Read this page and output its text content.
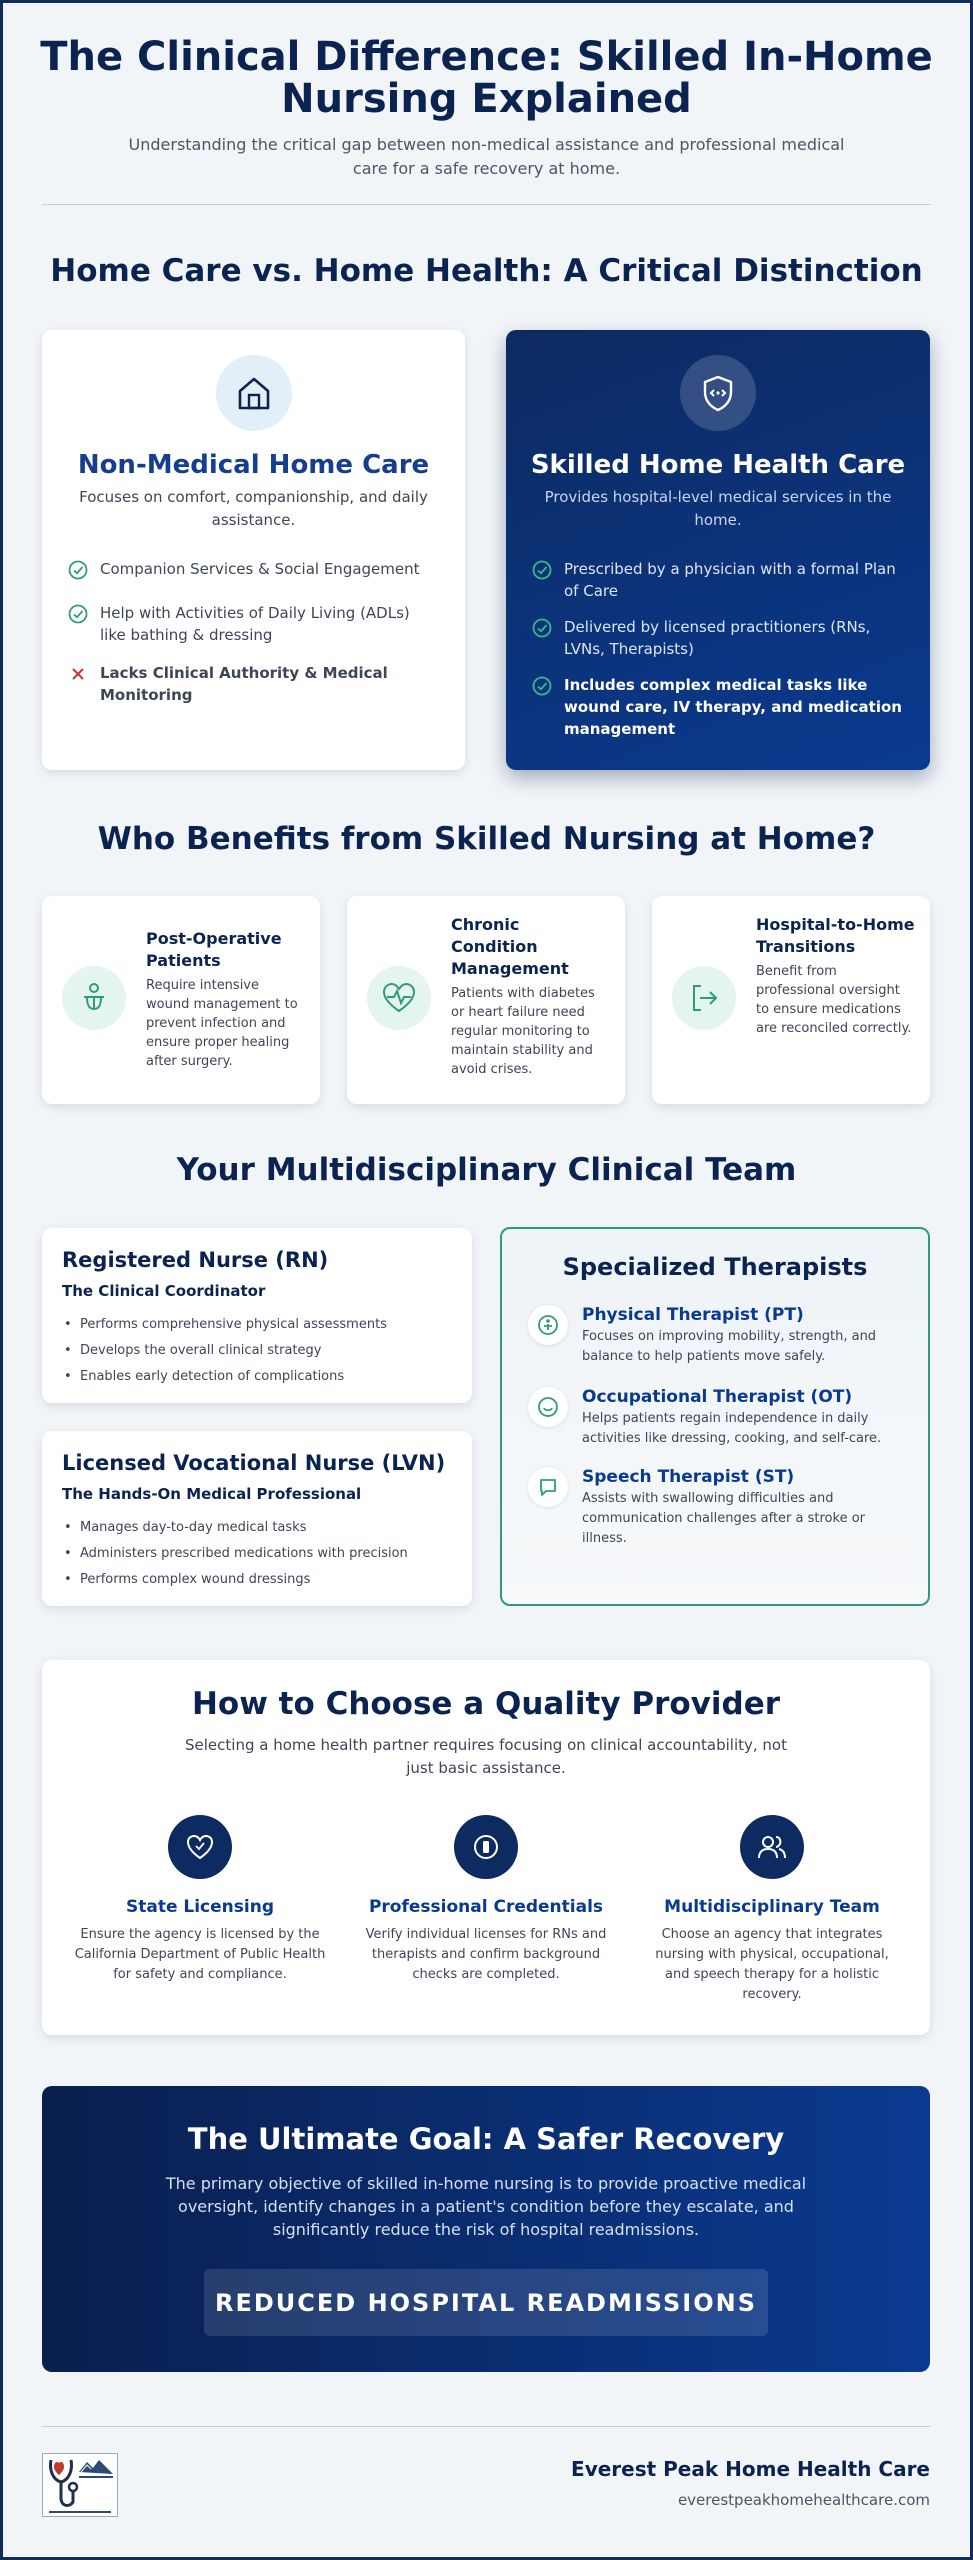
The Clinical Difference: Skilled In-Home Nursing Explained

Understanding the critical gap between non-medical assistance and professional medical care for a safe recovery at home.

Home Care vs. Home Health: A Critical Distinction
Non-Medical Home Care
Focuses on comfort, companionship, and daily assistance.
Companion Services & Social Engagement
Help with Activities of Daily Living (ADLs) like bathing & dressing
Lacks Clinical Authority & Medical Monitoring
Skilled Home Health Care
Provides hospital-level medical services in the home.
Prescribed by a physician with a formal Plan of Care
Delivered by licensed practitioners (RNs, LVNs, Therapists)
Includes complex medical tasks like wound care, IV therapy, and medication management
Who Benefits from Skilled Nursing at Home?
Post-Operative Patients
Require intensive wound management to prevent infection and ensure proper healing after surgery.
Chronic Condition Management
Patients with diabetes or heart failure need regular monitoring to maintain stability and avoid crises.
Hospital-to-Home Transitions
Benefit from professional oversight to ensure medications are reconciled correctly.
Your Multidisciplinary Clinical Team
Registered Nurse (RN)
The Clinical Coordinator
• Performs comprehensive physical assessments
• Develops the overall clinical strategy
• Enables early detection of complications
Licensed Vocational Nurse (LVN)
The Hands-On Medical Professional
• Manages day-to-day medical tasks
• Administers prescribed medications with precision
• Performs complex wound dressings
Specialized Therapists
Physical Therapist (PT)
Focuses on improving mobility, strength, and balance to help patients move safely.
Occupational Therapist (OT)
Helps patients regain independence in daily activities like dressing, cooking, and self-care.
Speech Therapist (ST)
Assists with swallowing difficulties and communication challenges after a stroke or illness.
How to Choose a Quality Provider
Selecting a home health partner requires focusing on clinical accountability, not just basic assistance.
State Licensing
Ensure the agency is licensed by the California Department of Public Health for safety and compliance.
Professional Credentials
Verify individual licenses for RNs and therapists and confirm background checks are completed.
Multidisciplinary Team
Choose an agency that integrates nursing with physical, occupational, and speech therapy for a holistic recovery.
The Ultimate Goal: A Safer Recovery
The primary objective of skilled in-home nursing is to provide proactive medical oversight, identify changes in a patient's condition before they escalate, and significantly reduce the risk of hospital readmissions.
REDUCED HOSPITAL READMISSIONS
Everest Peak Home Health Care
everestpeakhomehealthcare.com
